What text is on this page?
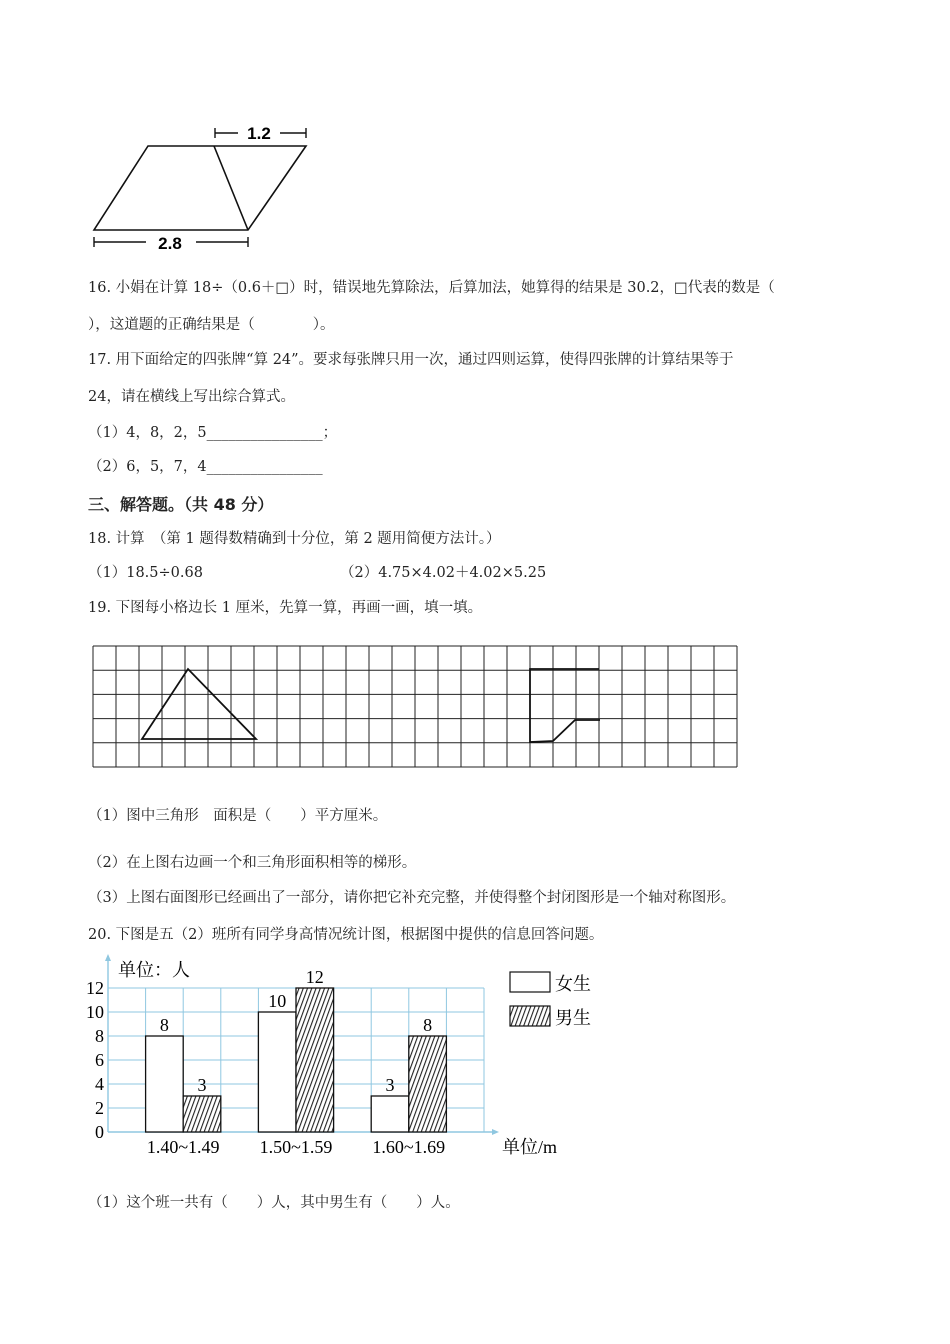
1.2
2.8
16. 小娟在计算 18÷（0.6＋□）时，错误地先算除法，后算加法，她算得的结果是 30.2，□代表的数是（
），这道题的正确结果是（　　　　）。
17. 用下面给定的四张牌“算 24”。要求每张牌只用一次，通过四则运算，使得四张牌的计算结果等于
24，请在横线上写出综合算式。
（1）4，8，2，5________________；
（2）6，5，7，4________________
三、解答题。（共 48 分）
18. 计算　（第 1 题得数精确到十分位，第 2 题用简便方法计。）
（1）18.5÷0.68	（2）4.75×4.02＋4.02×5.25
19. 下图每小格边长 1 厘米，先算一算，再画一画，填一填。
（1）图中三角形　面积是（　　）平方厘米。
（2）在上图右边画一个和三角形面积相等的梯形。
（3）上图右面图形已经画出了一部分，请你把它补充完整，并使得整个封闭图形是一个轴对称图形。
20. 下图是五（2）班所有同学身高情况统计图，根据图中提供的信息回答问题。
0
2
4
6
8
10
12
单位：人
单位/m
8
3
1.40~1.49
10
12
1.50~1.59
3
8
1.60~1.69
女生
男生
（1）这个班一共有（　　）人，其中男生有（　　）人。
